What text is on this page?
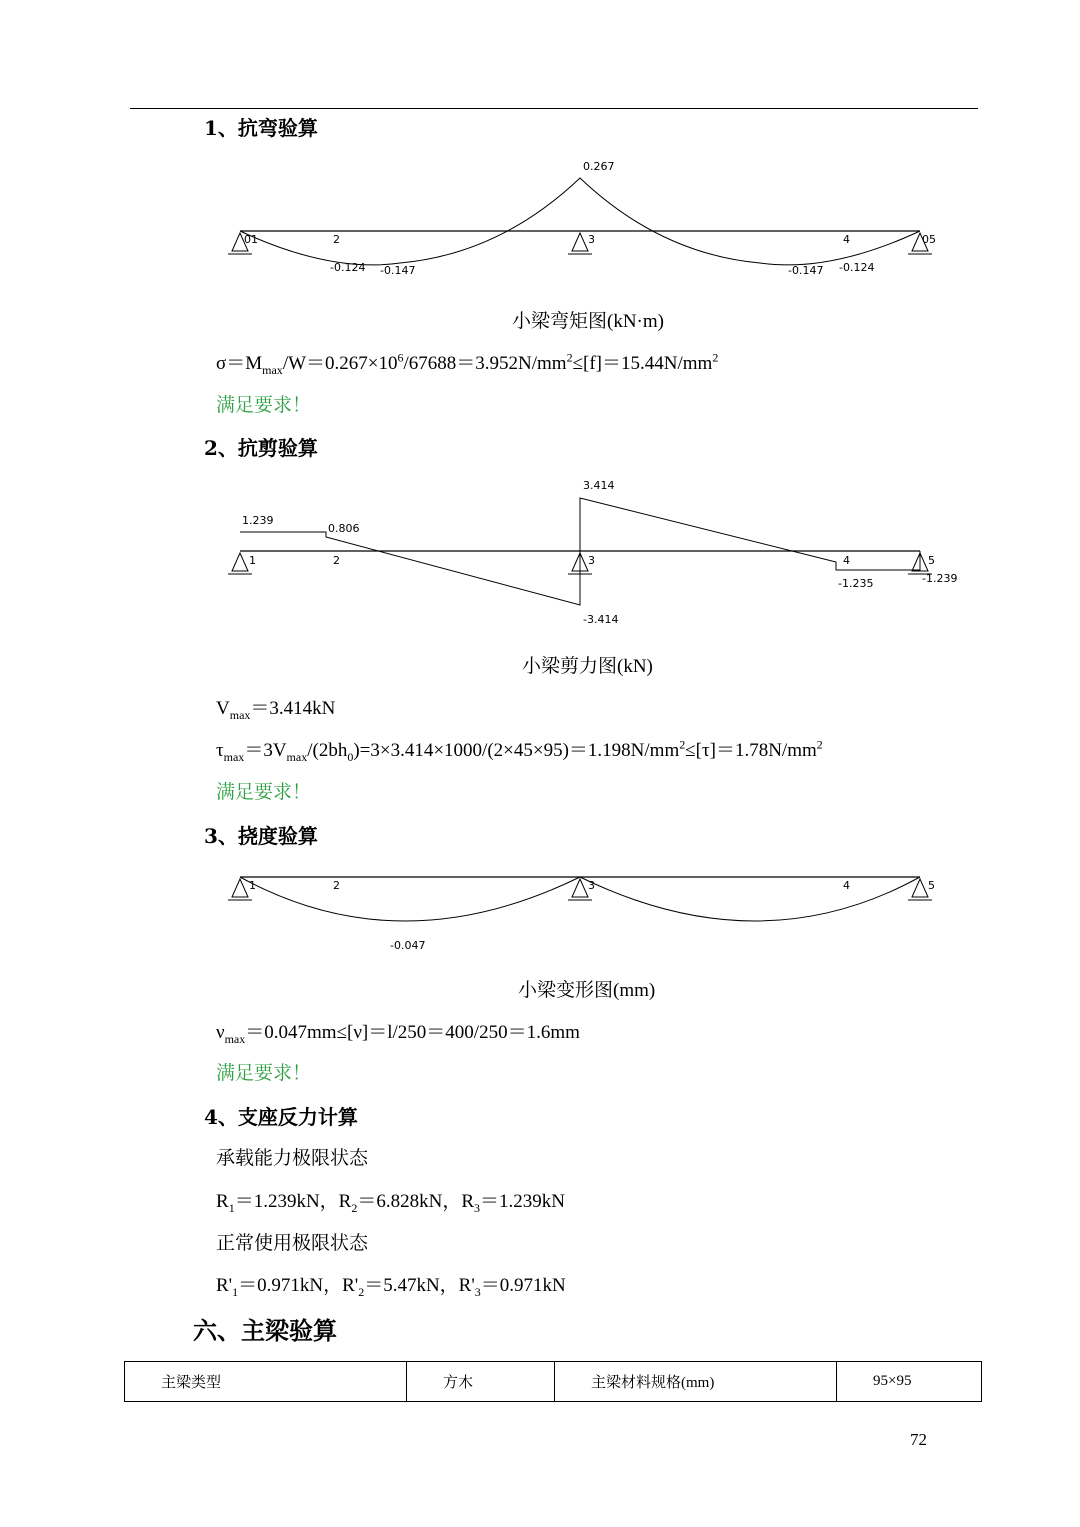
1、抗弯验算
0.267
01	2	3	4	05
-0.124 -0.147	-0.147 -0.124
小梁弯矩图(kN·m)
$\sigma=M_{max}/W=0.267\times 10^6/67688=3.952N/mm^2\le[f]=15.44N/mm^2$
满足要求！
2、抗剪验算
1.239
0.806
3.414
-3.414
-1.235	-1.239
1	2	3	4	5
小梁剪力图(kN)
$V_{max}=3.414kN$
$\tau_{max}=3V_{max}/(2bh_0)=3\times 3.414\times 1000/(2\times 45\times 95)=1.198N/mm^2\le[\tau]=1.78N/mm^2$
满足要求！
3、挠度验算
1	2	3	4	5
-0.047
小梁变形图(mm)
$\nu_{max}=0.047mm\le[\nu]=l/250=400/250=1.6mm$
满足要求！
4、支座反力计算
承载能力极限状态
$R_1=1.239kN$，$R_2=6.828kN$，$R_3=1.239kN$
正常使用极限状态
$R'_1=0.971kN$，$R'_2=5.47kN$，$R'_3=0.971kN$
六、主梁验算
主梁类型	方木	主梁材料规格(mm)	95×95
72
